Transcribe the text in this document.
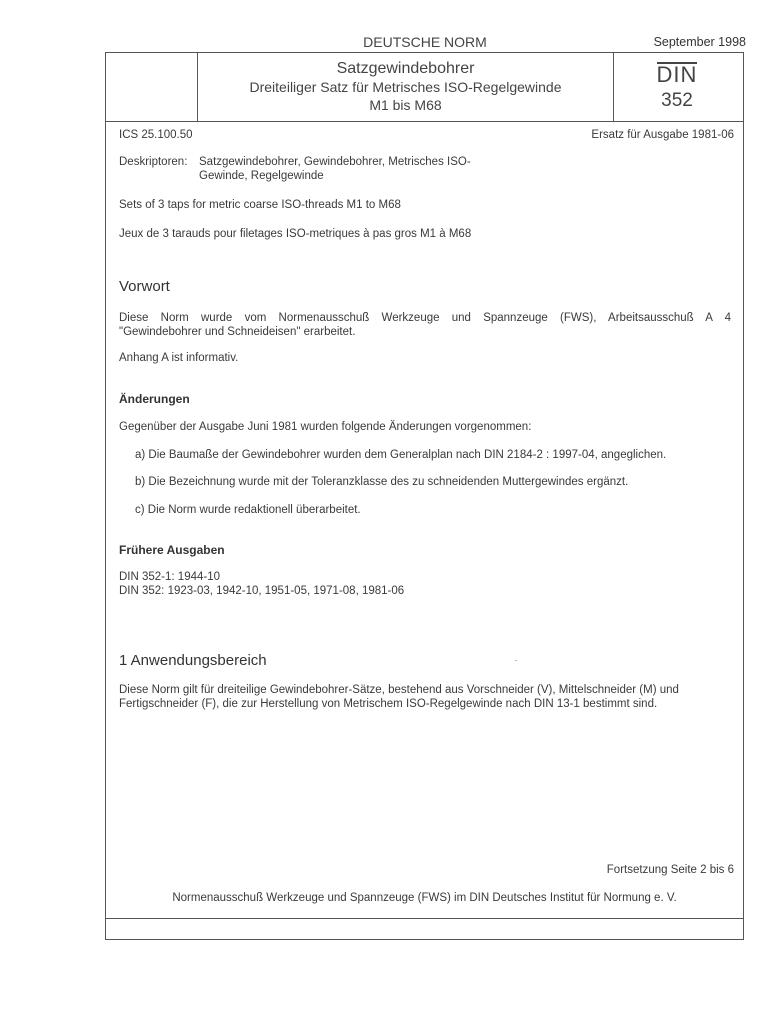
DEUTSCHE NORM	September 1998
Satzgewindebohrer
Dreiteiliger Satz für Metrisches ISO-Regelgewinde
M1 bis M68
DIN
352
ICS 25.100.50	Ersatz für Ausgabe 1981-06
Deskriptoren: Satzgewindebohrer, Gewindebohrer, Metrisches ISO-
Gewinde, Regelgewinde
Sets of 3 taps for metric coarse ISO-threads M1 to M68
Jeux de 3 tarauds pour filetages ISO-metriques à pas gros M1 à M68
Vorwort
Diese Norm wurde vom Normenausschuß Werkzeuge und Spannzeuge (FWS), Arbeitsausschuß A 4
"Gewindebohrer und Schneideisen" erarbeitet.
Anhang A ist informativ.
Änderungen
Gegenüber der Ausgabe Juni 1981 wurden folgende Änderungen vorgenommen:
a) Die Baumaße der Gewindebohrer wurden dem Generalplan nach DIN 2184-2 : 1997-04, angeglichen.
b) Die Bezeichnung wurde mit der Toleranzklasse des zu schneidenden Muttergewindes ergänzt.
c) Die Norm wurde redaktionell überarbeitet.
Frühere Ausgaben
DIN 352-1: 1944-10
DIN 352: 1923-03, 1942-10, 1951-05, 1971-08, 1981-06
1 Anwendungsbereich
Diese Norm gilt für dreiteilige Gewindebohrer-Sätze, bestehend aus Vorschneider (V), Mittelschneider (M) und
Fertigschneider (F), die zur Herstellung von Metrischem ISO-Regelgewinde nach DIN 13-1 bestimmt sind.
Fortsetzung Seite 2 bis 6
Normenausschuß Werkzeuge und Spannzeuge (FWS) im DIN Deutsches Institut für Normung e. V.
